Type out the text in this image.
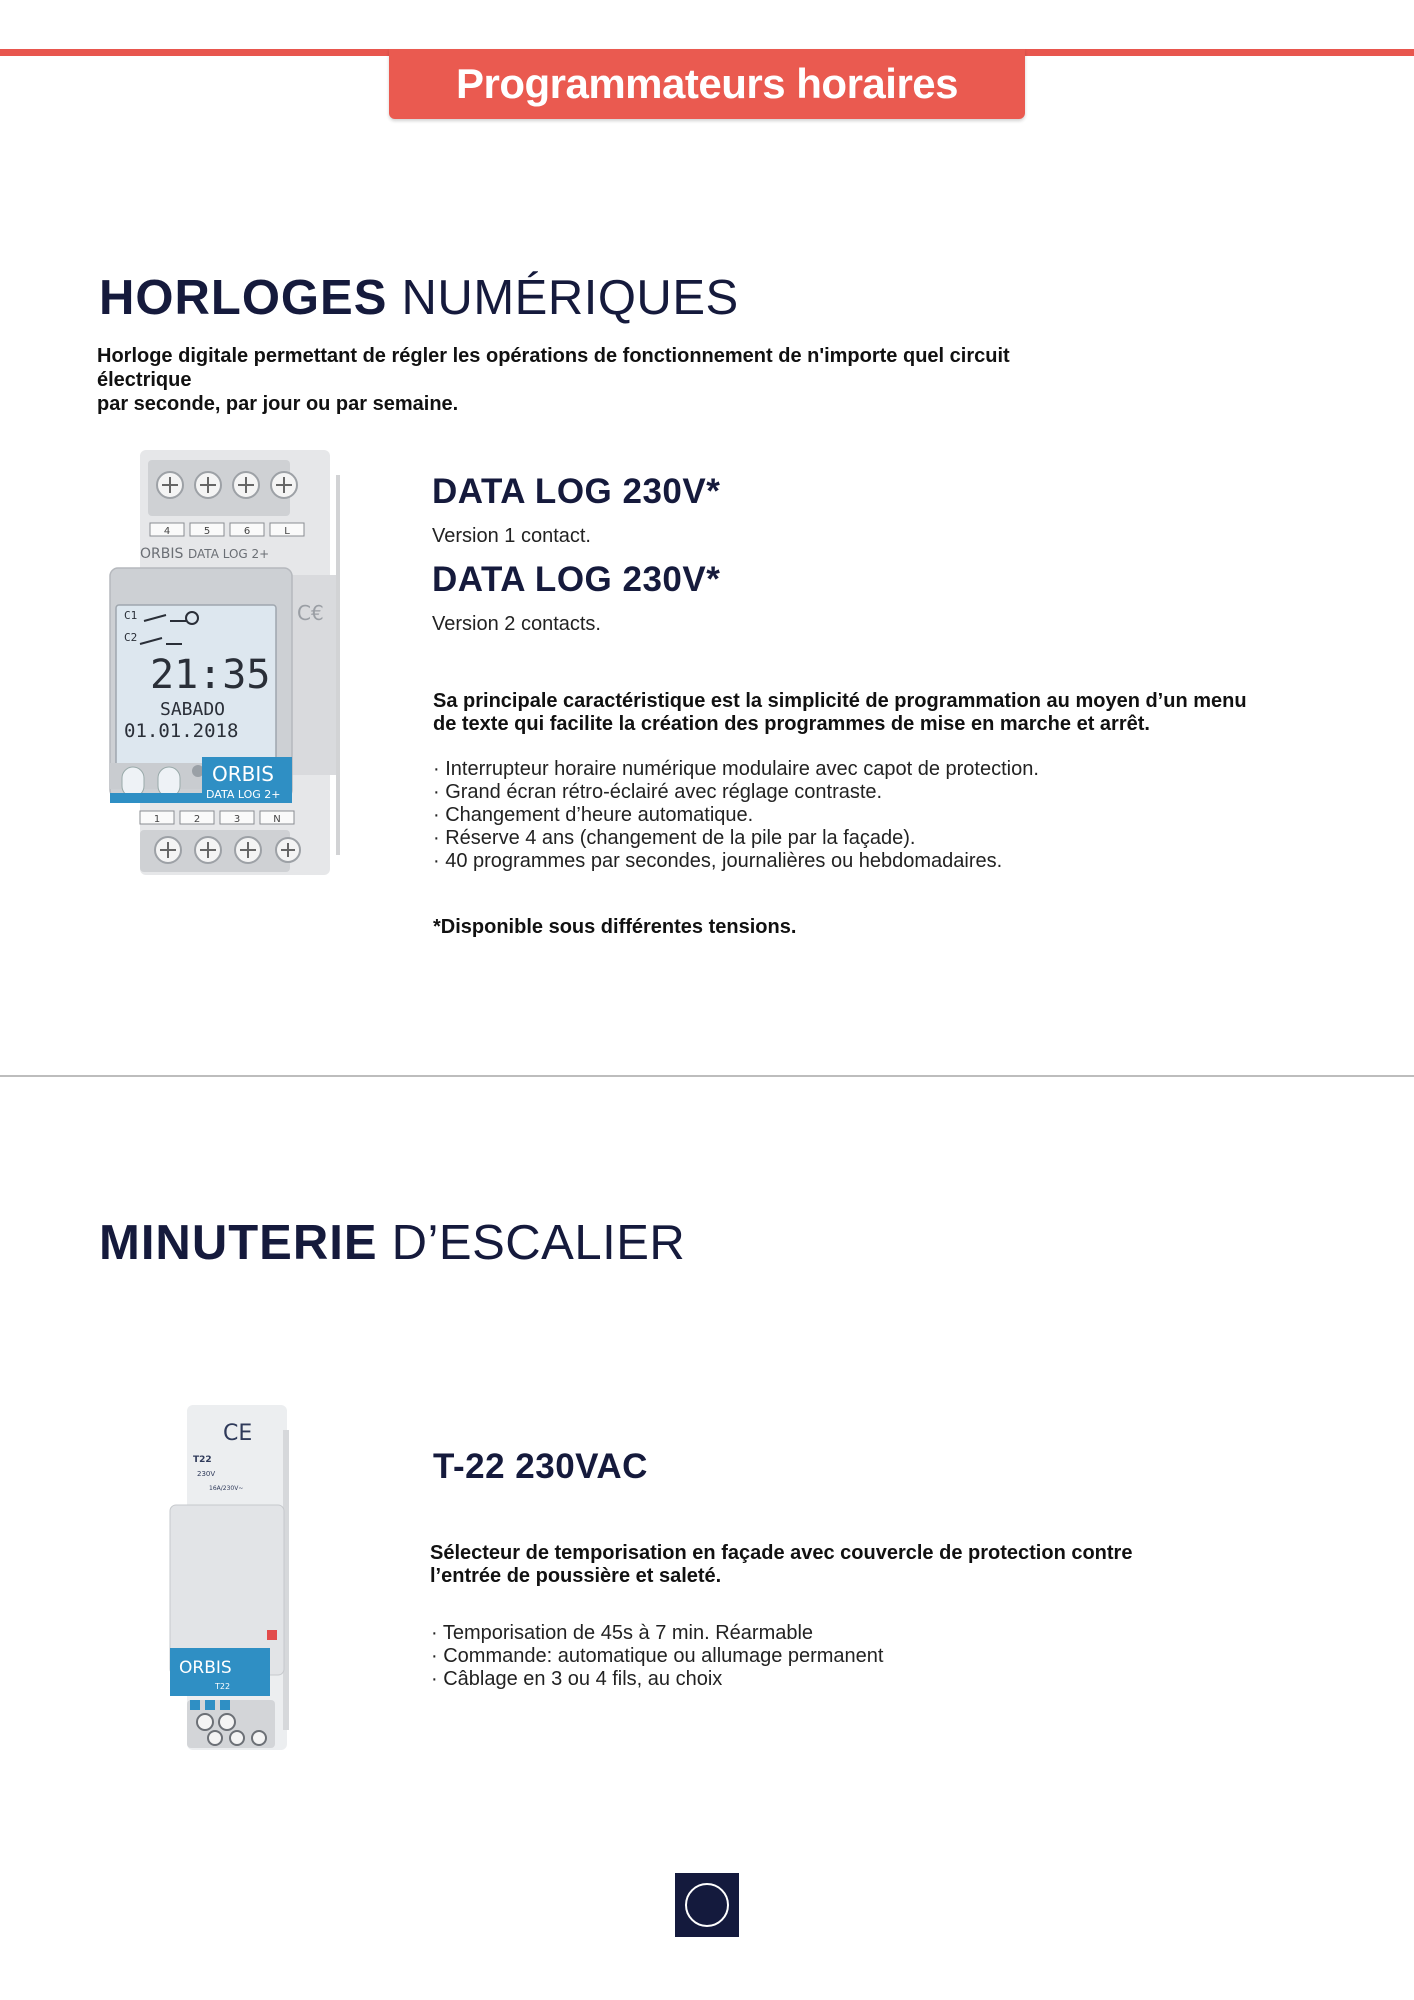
Programmateurs horaires
HORLOGES NUMÉRIQUES
Horloge digitale permettant de régler les opérations de fonctionnement de n'importe quel circuit électrique
par seconde, par jour ou par semaine.
C€
4	5	6	L
ORBIS DATA LOG 2+
C1
C2
21:35
SABADO
01.01.2018
ORBIS
DATA LOG 2+
1	2	3	N
DATA LOG 230V*
Version 1 contact.
DATA LOG 230V*
Version 2 contacts.
Sa principale caractéristique est la simplicité de programmation au moyen d’un menu
de texte qui facilite la création des programmes de mise en marche et arrêt.
· Interrupteur horaire numérique modulaire avec capot de protection.
· Grand écran rétro-éclairé avec réglage contraste.
· Changement d’heure automatique.
· Réserve 4 ans (changement de la pile par la façade).
· 40 programmes par secondes, journalières ou hebdomadaires.
*Disponible sous différentes tensions.
MINUTERIE D’ESCALIER
CE
T22
230V
16A/230V~
ORBIS
T22
T-22 230VAC
Sélecteur de temporisation en façade avec couvercle de protection contre
l’entrée de poussière et saleté.
· Temporisation de 45s à 7 min. Réarmable
· Commande: automatique ou allumage permanent
· Câblage en 3 ou 4 fils, au choix
